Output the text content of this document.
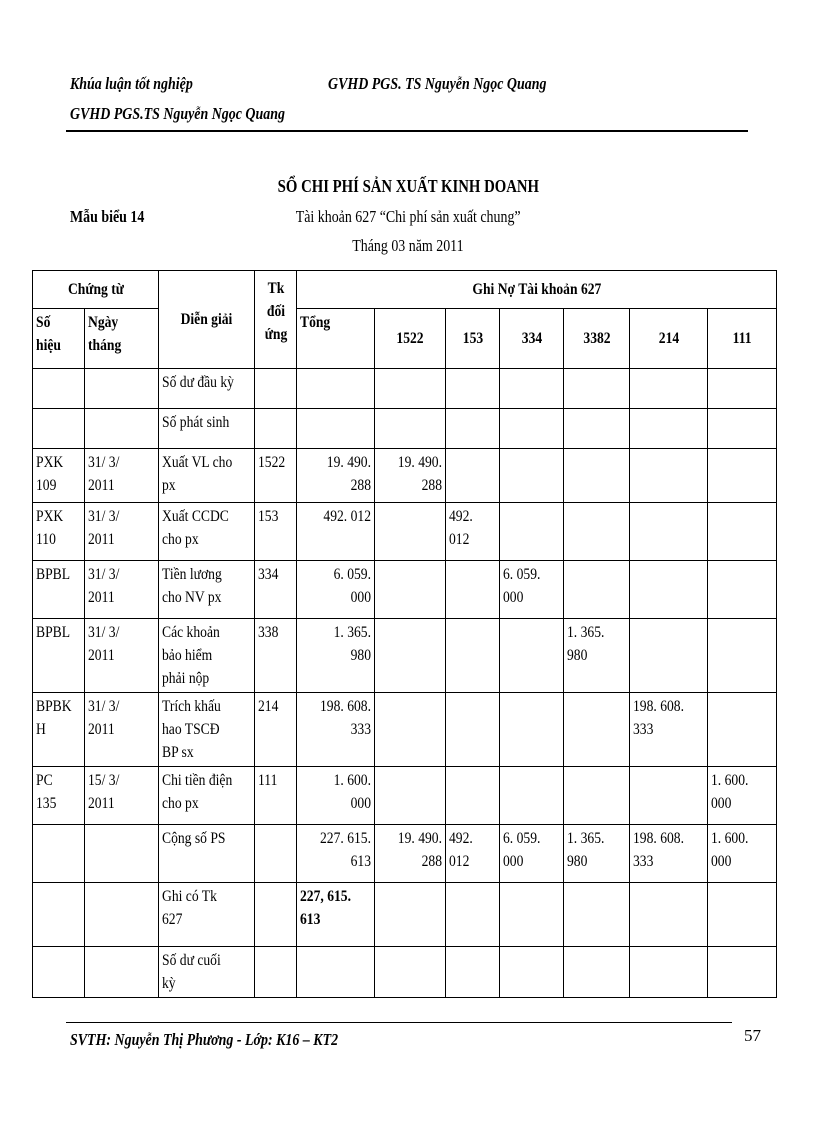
Khúa luận tốt nghiệp	GVHD PGS. TS Nguyễn Ngọc Quang
GVHD PGS.TS Nguyễn Ngọc Quang
SỔ CHI PHÍ SẢN XUẤT KINH DOANH
Mẫu biểu 14	Tài khoản 627 “Chi phí sản xuất chung”
Tháng 03 năm 2011
Chứng từ		Diễn giải	Tk đối ứng	Ghi Nợ Tài khoản 627						
Số hiệu	Ngày tháng			Tổng	1522	153	334	3382	214	111
		Số dư đầu kỳ								
		Số phát sinh								
PXK 109	31/ 3/ 2011	Xuất VL cho px	1522	19. 490. 288	19. 490. 288					
PXK 110	31/ 3/ 2011	Xuất CCDC cho px	153	492. 012		492. 012				
BPBL	31/ 3/ 2011	Tiền lương cho NV px	334	6. 059. 000			6. 059. 000			
BPBL	31/ 3/ 2011	Các khoản bảo hiểm phải nộp	338	1. 365. 980				1. 365. 980		
BPBK H	31/ 3/ 2011	Trích khấu hao TSCĐ BP sx	214	198. 608. 333					198. 608. 333	
PC 135	15/ 3/ 2011	Chi tiền điện cho px	111	1. 600. 000						1. 600. 000
		Cộng số PS		227. 615. 613	19. 490. 288	492. 012	6. 059. 000	1. 365. 980	198. 608. 333	1. 600. 000
		Ghi có Tk 627		227, 615. 613						
		Số dư cuối kỳ								
SVTH: Nguyễn Thị Phương - Lớp: K16 – KT2	57
